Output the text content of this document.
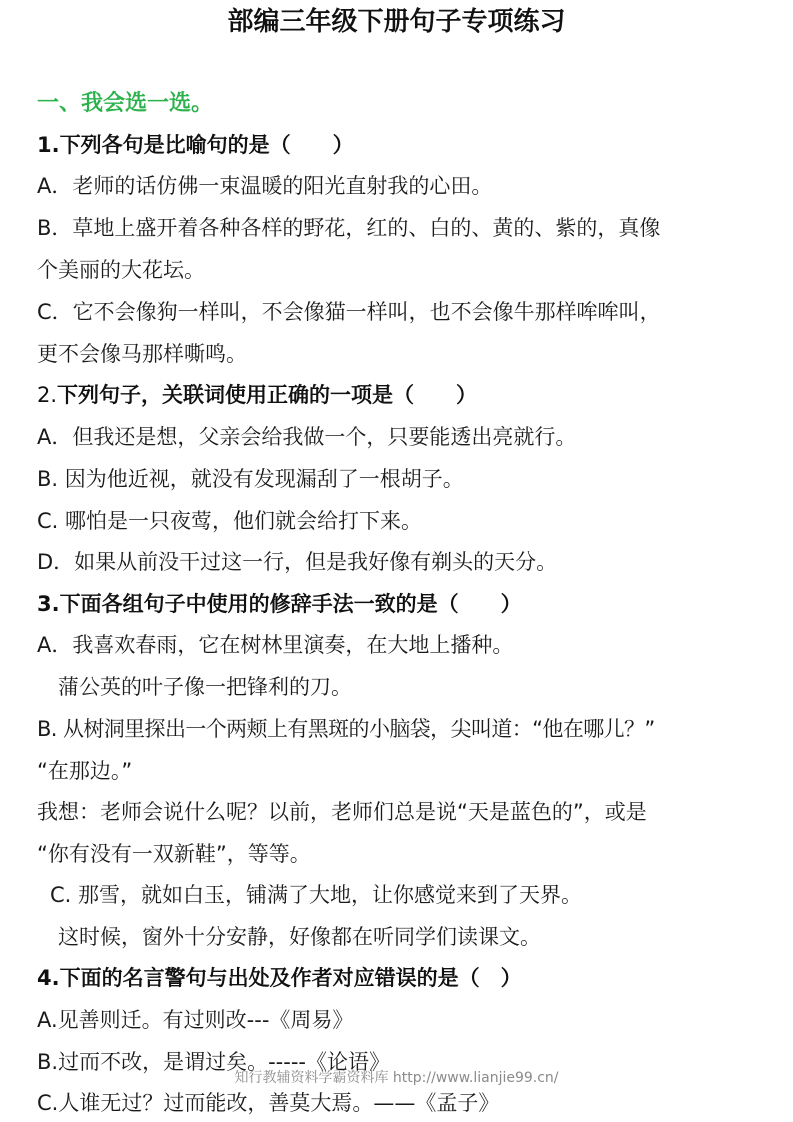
部编三年级下册句子专项练习
一、我会选一选。
1.下列各句是比喻句的是（　　）
A．老师的话仿佛一束温暖的阳光直射我的心田。
B．草地上盛开着各种各样的野花，红的、白的、黄的、紫的，真像
个美丽的大花坛。
C．它不会像狗一样叫，不会像猫一样叫，也不会像牛那样哞哞叫，
更不会像马那样嘶鸣。
2.下列句子，关联词使用正确的一项是（　　）
A．但我还是想，父亲会给我做一个，只要能透出亮就行。
B. 因为他近视，就没有发现漏刮了一根胡子。
C. 哪怕是一只夜莺，他们就会给打下来。
D．如果从前没干过这一行，但是我好像有剃头的天分。
3.下面各组句子中使用的修辞手法一致的是（　　）
A．我喜欢春雨，它在树林里演奏，在大地上播种。
蒲公英的叶子像一把锋利的刀。
B. 从树洞里探出一个两颊上有黑斑的小脑袋，尖叫道：“他在哪儿？”
“在那边。”
我想：老师会说什么呢？以前，老师们总是说“天是蓝色的”，或是
“你有没有一双新鞋”，等等。
C. 那雪，就如白玉，铺满了大地，让你感觉来到了天界。
这时候，窗外十分安静，好像都在听同学们读课文。
4.下面的名言警句与出处及作者对应错误的是（　）
A.见善则迁。有过则改---《周易》
B.过而不改，是谓过矣。-----《论语》
C.人谁无过？过而能改，善莫大焉。——《孟子》
知行教辅资料学霸资料库 http://www.lianjie99.cn/
